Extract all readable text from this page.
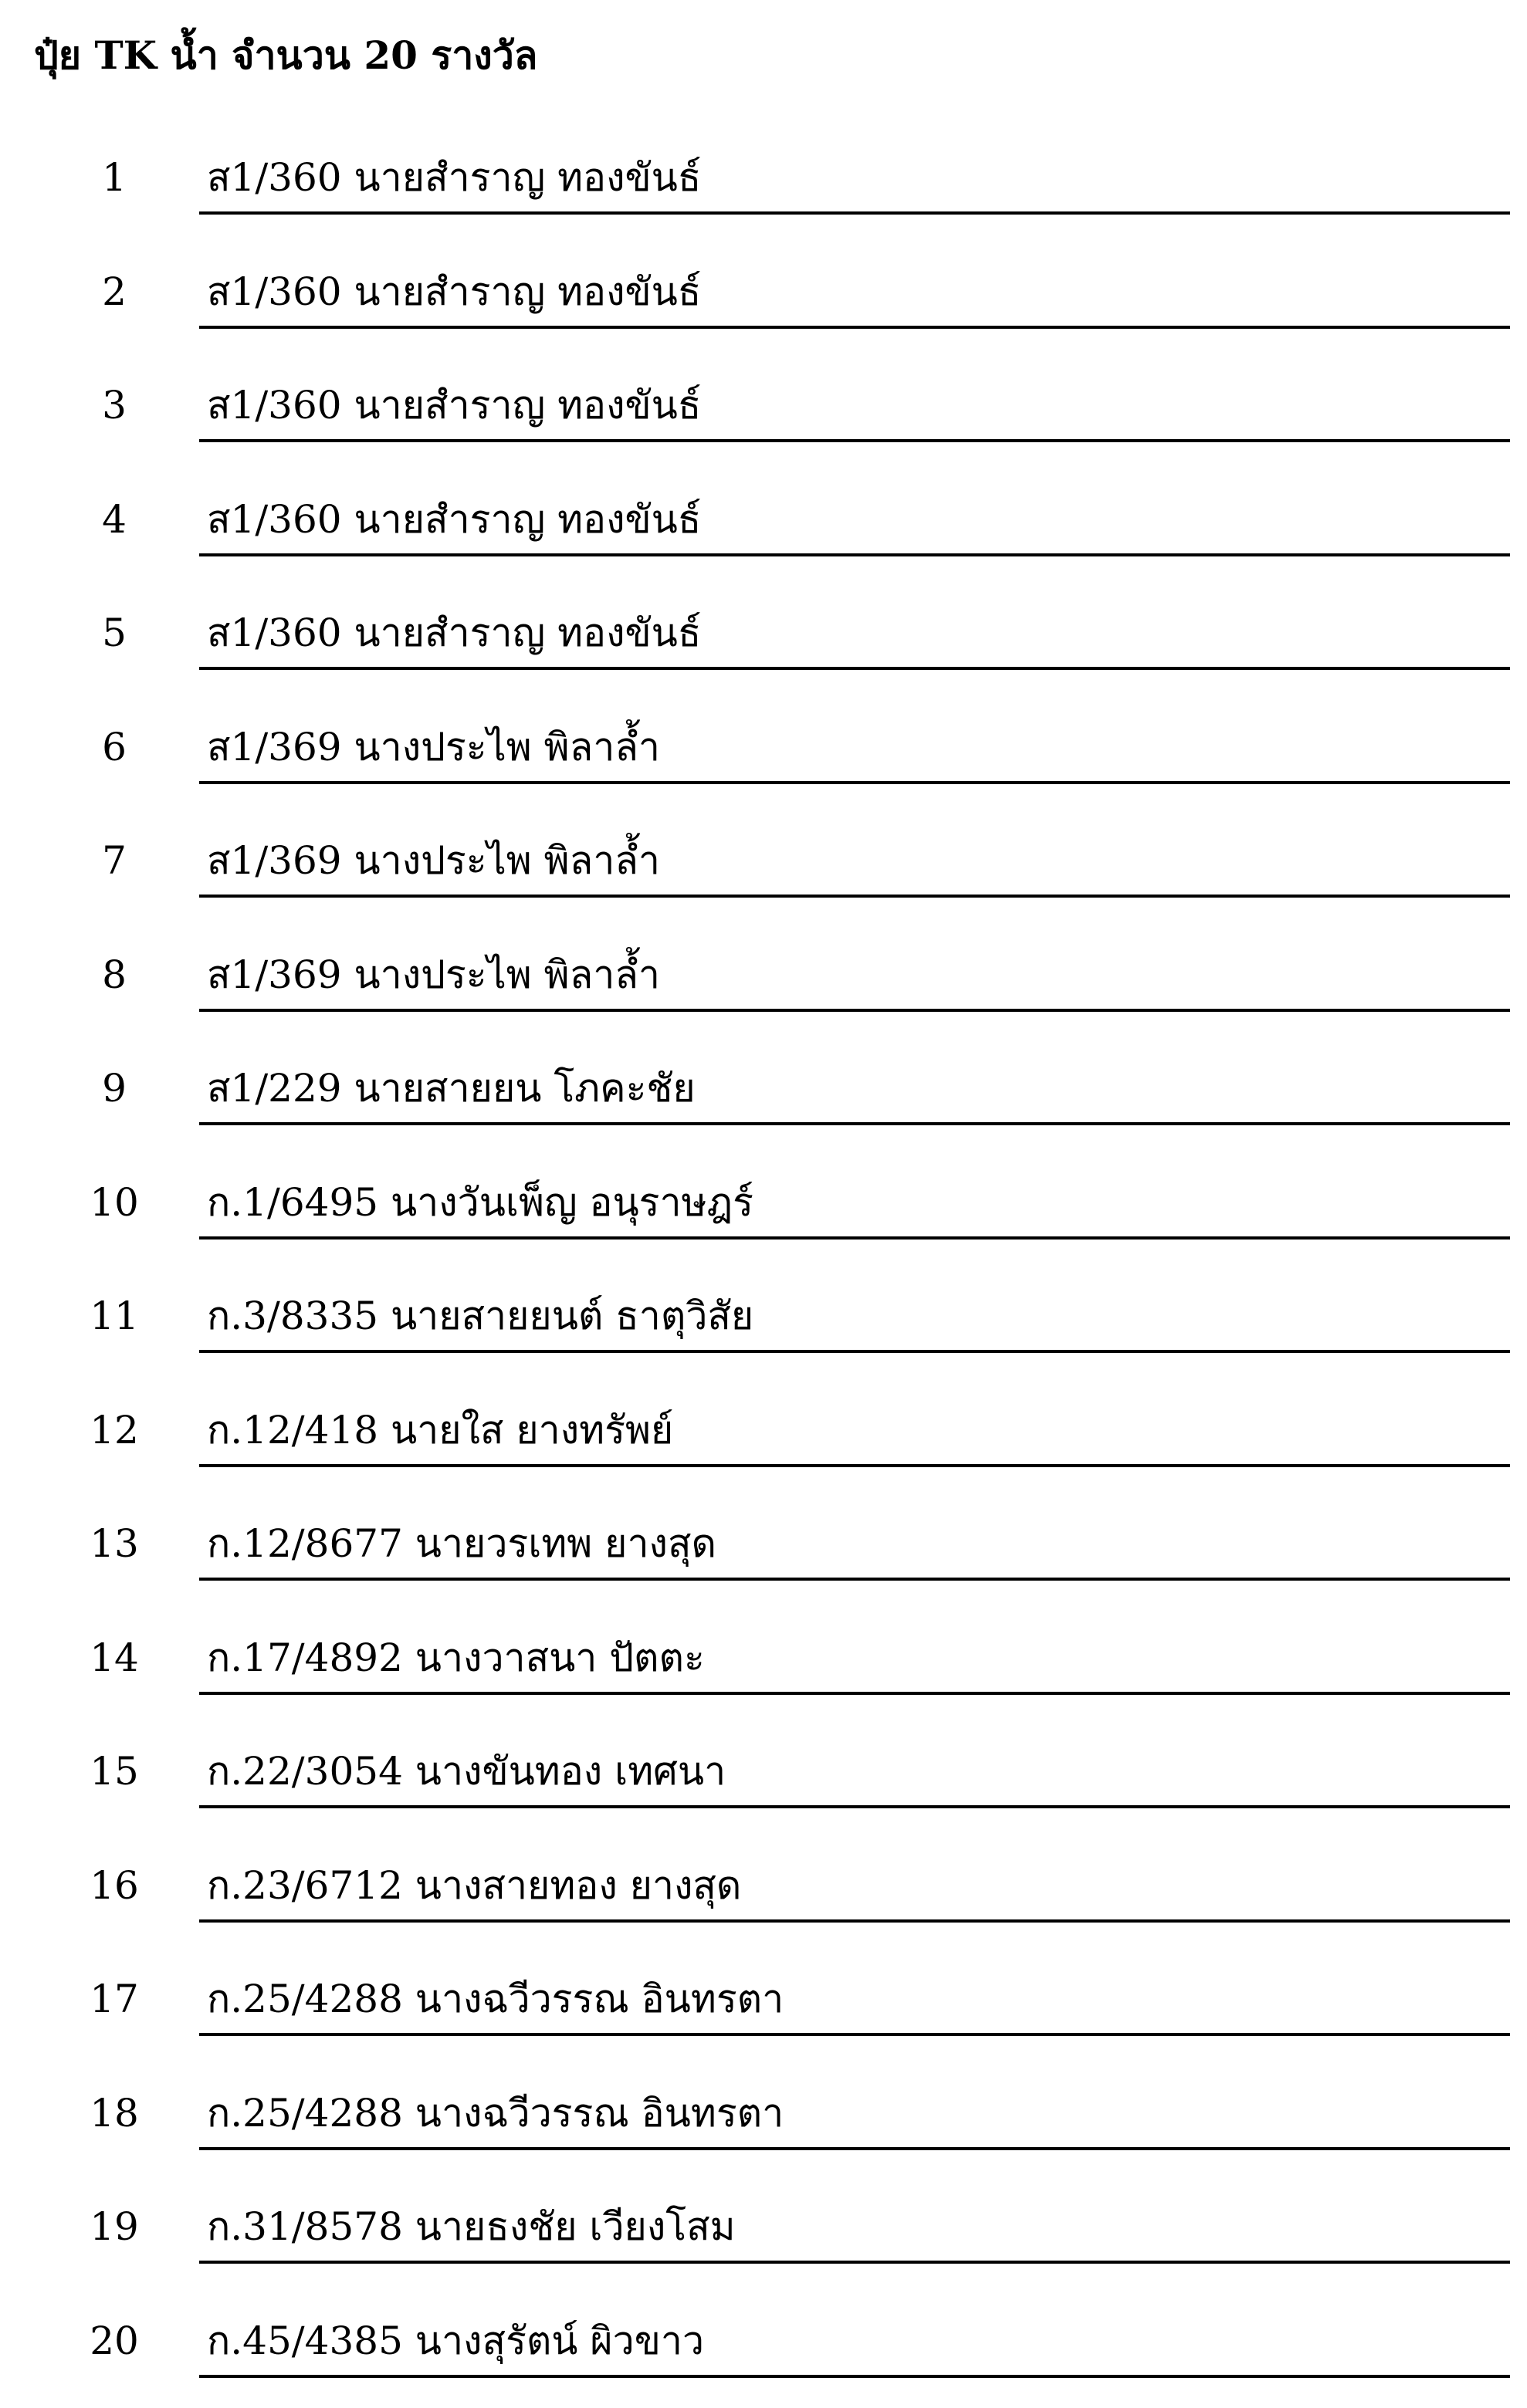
ปุ๋ย TK น้ำ จำนวน 20 รางวัล
1	ส1/360 นายสำราญ ทองขันธ์
2	ส1/360 นายสำราญ ทองขันธ์
3	ส1/360 นายสำราญ ทองขันธ์
4	ส1/360 นายสำราญ ทองขันธ์
5	ส1/360 นายสำราญ ทองขันธ์
6	ส1/369 นางประไพ พิลาล้ำ
7	ส1/369 นางประไพ พิลาล้ำ
8	ส1/369 นางประไพ พิลาล้ำ
9	ส1/229 นายสายยน โภคะชัย
10	ก.1/6495 นางวันเพ็ญ อนุราษฎร์
11	ก.3/8335 นายสายยนต์ ธาตุวิสัย
12	ก.12/418 นายใส ยางทรัพย์
13	ก.12/8677 นายวรเทพ ยางสุด
14	ก.17/4892 นางวาสนา ปัตตะ
15	ก.22/3054 นางขันทอง เทศนา
16	ก.23/6712 นางสายทอง ยางสุด
17	ก.25/4288 นางฉวีวรรณ อินทรตา
18	ก.25/4288 นางฉวีวรรณ อินทรตา
19	ก.31/8578 นายธงชัย เวียงโสม
20	ก.45/4385 นางสุรัตน์ ผิวขาว
